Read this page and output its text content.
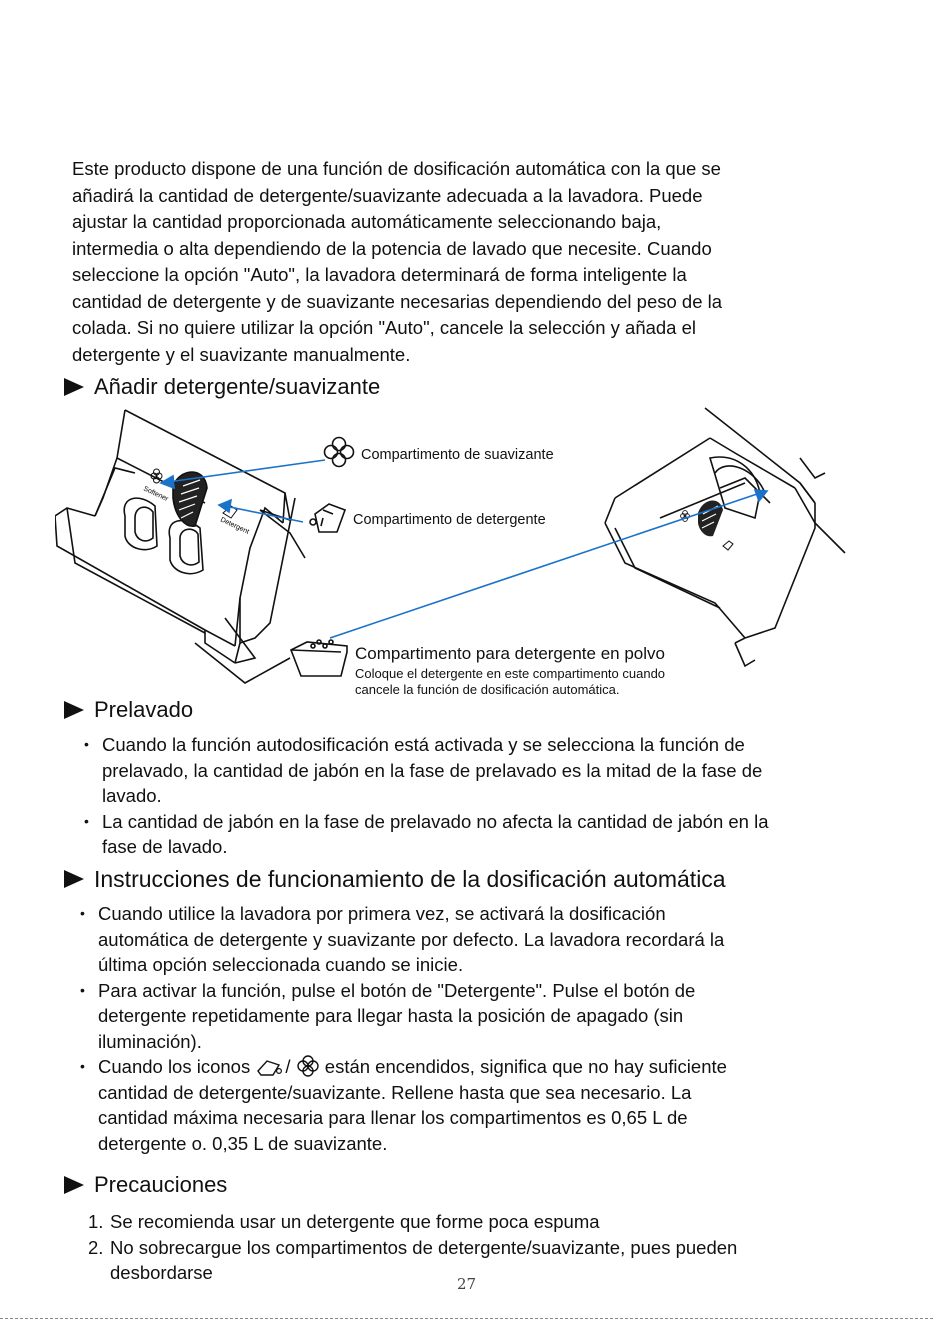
Este producto dispone de una función de dosificación automática con la que se
añadirá la cantidad de detergente/suavizante adecuada a la lavadora. Puede
ajustar la cantidad proporcionada automáticamente seleccionando baja,
intermedia o alta dependiendo de la potencia de lavado que necesite. Cuando
seleccione la opción "Auto", la lavadora determinará de forma inteligente la
cantidad de detergente y de suavizante necesarias dependiendo del peso de la
colada. Si no quiere utilizar la opción "Auto", cancele la selección y añada el
detergente y el suavizante manualmente.

Añadir detergente/suavizante
Softener
Detergent
Compartimento de suavizante
Compartimento de detergente
Compartimento para detergente en polvo
Coloque el detergente en este compartimento cuando
cancele la función de dosificación automática.
Prelavado
• Cuando la función autodosificación está activada y se selecciona la función de
prelavado, la cantidad de jabón en la fase de prelavado es la mitad de la fase de
lavado.
• La cantidad de jabón en la fase de prelavado no afecta la cantidad de jabón en la
fase de lavado.
Instrucciones de funcionamiento de la dosificación automática
• Cuando utilice la lavadora por primera vez, se activará la dosificación
automática de detergente y suavizante por defecto. La lavadora recordará la
última opción seleccionada cuando se inicie.
• Para activar la función, pulse el botón de "Detergente". Pulse el botón de
detergente repetidamente para llegar hasta la posición de apagado (sin
iluminación).
• Cuando los iconos / están encendidos, significa que no hay suficiente
cantidad de detergente/suavizante. Rellene hasta que sea necesario. La
cantidad máxima necesaria para llenar los compartimentos es 0,65 L de
detergente o. 0,35 L de suavizante.
Precauciones
1. Se recomienda usar un detergente que forme poca espuma
2. No sobrecargue los compartimentos de detergente/suavizante, pues pueden
desbordarse
27
